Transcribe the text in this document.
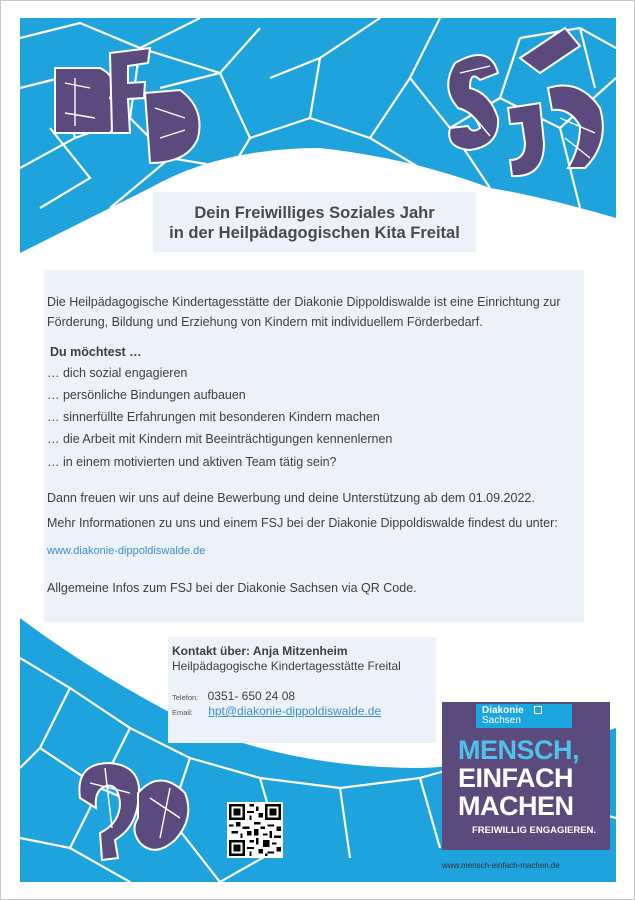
Dein Freiwilliges Soziales Jahr
in der Heilpädagogischen Kita Freital
Die Heilpädagogische Kindertagesstätte der Diakonie Dippoldiswalde ist eine Einrichtung zur Förderung, Bildung und Erziehung von Kindern mit individuellem Förderbedarf.
Du möchtest …
… dich sozial engagieren
… persönliche Bindungen aufbauen
… sinnerfüllte Erfahrungen mit besonderen Kindern machen
… die Arbeit mit Kindern mit Beeinträchtigungen kennenlernen
… in einem motivierten und aktiven Team tätig sein?
Dann freuen wir uns auf deine Bewerbung und deine Unterstützung ab dem 01.09.2022.
Mehr Informationen zu uns und einem FSJ bei der Diakonie Dippoldiswalde findest du unter:
www.diakonie-dippoldiswalde.de
Allgemeine Infos zum FSJ bei der Diakonie Sachsen via QR Code.
Kontakt über: Anja Mitzenheim
Heilpädagogische Kindertagesstätte Freital
Telefon: 0351- 650 24 08
Email: hpt@diakonie-dippoldiswalde.de	Diakonie
Sachsen
MENSCH,
EINFACH
MACHEN
FREIWILLIG ENGAGIEREN.
www.mensch-einfach-machen.de
